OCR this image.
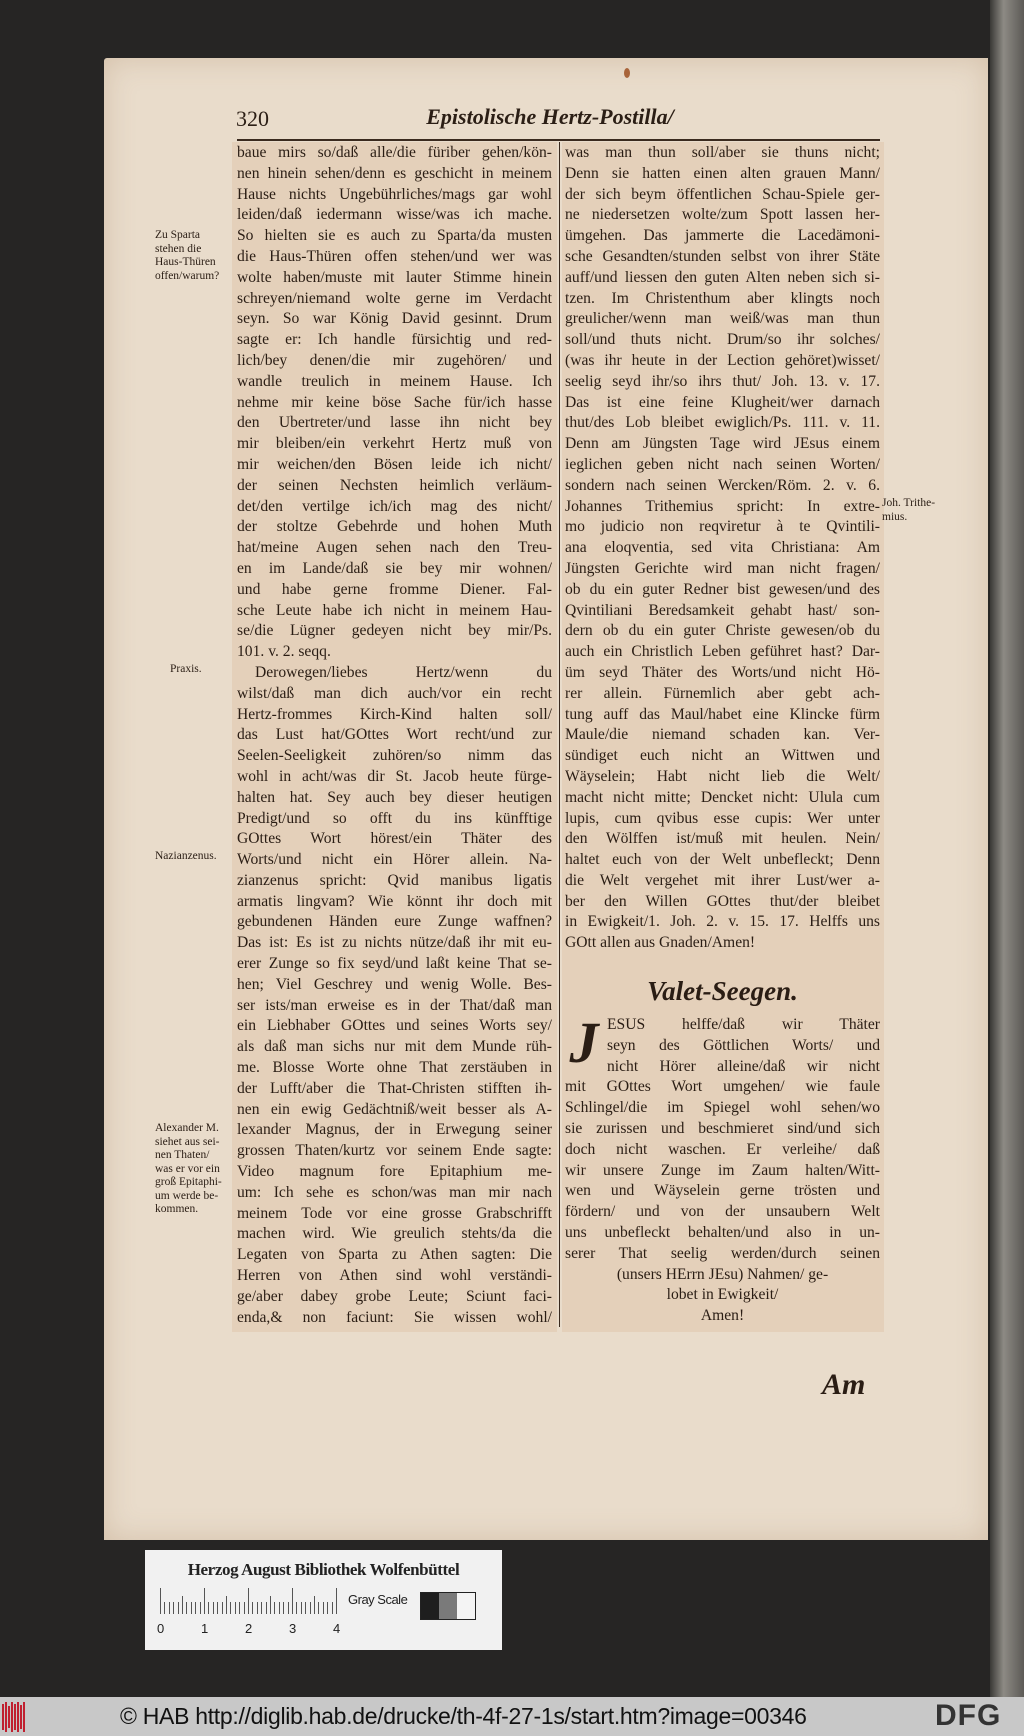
320	Epistolische Hertz-Postilla/
baue mirs so/daß alle/die füriber gehen/kön-
nen hinein sehen/denn es geschicht in meinem
Hause nichts Ungebührliches/mags gar wohl
leiden/daß iedermann wisse/was ich mache.
So hielten sie es auch zu Sparta/da musten
die Haus-Thüren offen stehen/und wer was
wolte haben/muste mit lauter Stimme hinein
schreyen/niemand wolte gerne im Verdacht
seyn. So war König David gesinnt. Drum
sagte er: Ich handle fürsichtig und red-
lich/bey denen/die mir zugehören/ und
wandle treulich in meinem Hause. Ich
nehme mir keine böse Sache für/ich hasse
den Ubertreter/und lasse ihn nicht bey
mir bleiben/ein verkehrt Hertz muß von
mir weichen/den Bösen leide ich nicht/
der seinen Nechsten heimlich verläum-
det/den vertilge ich/ich mag des nicht/
der stoltze Gebehrde und hohen Muth
hat/meine Augen sehen nach den Treu-
en im Lande/daß sie bey mir wohnen/
und habe gerne fromme Diener. Fal-
sche Leute habe ich nicht in meinem Hau-
se/die Lügner gedeyen nicht bey mir/Ps.
101. v. 2. seqq.
Derowegen/liebes Hertz/wenn du
wilst/daß man dich auch/vor ein recht
Hertz-frommes Kirch-Kind halten soll/
das Lust hat/GOttes Wort recht/und zur
Seelen-Seeligkeit zuhören/so nimm das
wohl in acht/was dir St. Jacob heute fürge-
halten hat. Sey auch bey dieser heutigen
Predigt/und so offt du ins künfftige
GOttes Wort hörest/ein Thäter des
Worts/und nicht ein Hörer allein. Na-
zianzenus spricht: Qvid manibus ligatis
armatis lingvam? Wie könnt ihr doch mit
gebundenen Händen eure Zunge waffnen?
Das ist: Es ist zu nichts nütze/daß ihr mit eu-
erer Zunge so fix seyd/und laßt keine That se-
hen; Viel Geschrey und wenig Wolle. Bes-
ser ists/man erweise es in der That/daß man
ein Liebhaber GOttes und seines Worts sey/
als daß man sichs nur mit dem Munde rüh-
me. Blosse Worte ohne That zerstäuben in
der Lufft/aber die That-Christen stifften ih-
nen ein ewig Gedächtniß/weit besser als A-
lexander Magnus, der in Erwegung seiner
grossen Thaten/kurtz vor seinem Ende sagte:
Video magnum fore Epitaphium me-
um: Ich sehe es schon/was man mir nach
meinem Tode vor eine grosse Grabschrifft
machen wird. Wie greulich stehts/da die
Legaten von Sparta zu Athen sagten: Die
Herren von Athen sind wohl verständi-
ge/aber dabey grobe Leute; Sciunt faci-
enda,& non faciunt: Sie wissen wohl/
was man thun soll/aber sie thuns nicht;
Denn sie hatten einen alten grauen Mann/
der sich beym öffentlichen Schau-Spiele ger-
ne niedersetzen wolte/zum Spott lassen her-
ümgehen. Das jammerte die Lacedämoni-
sche Gesandten/stunden selbst von ihrer Stäte
auff/und liessen den guten Alten neben sich si-
tzen. Im Christenthum aber klingts noch
greulicher/wenn man weiß/was man thun
soll/und thuts nicht. Drum/so ihr solches/
(was ihr heute in der Lection gehöret)wisset/
seelig seyd ihr/so ihrs thut/ Joh. 13. v. 17.
Das ist eine feine Klugheit/wer darnach
thut/des Lob bleibet ewiglich/Ps. 111. v. 11.
Denn am Jüngsten Tage wird JEsus einem
ieglichen geben nicht nach seinen Worten/
sondern nach seinen Wercken/Röm. 2. v. 6.
Johannes Trithemius spricht: In extre-
mo judicio non reqviretur à te Qvintili-
ana eloqventia, sed vita Christiana: Am
Jüngsten Gerichte wird man nicht fragen/
ob du ein guter Redner bist gewesen/und des
Qvintiliani Beredsamkeit gehabt hast/ son-
dern ob du ein guter Christe gewesen/ob du
auch ein Christlich Leben geführet hast? Dar-
üm seyd Thäter des Worts/und nicht Hö-
rer allein. Fürnemlich aber gebt ach-
tung auff das Maul/habet eine Klincke fürm
Maule/die niemand schaden kan. Ver-
sündiget euch nicht an Wittwen und
Wäyselein; Habt nicht lieb die Welt/
macht nicht mitte; Dencket nicht: Ulula cum
lupis, cum qvibus esse cupis: Wer unter
den Wölffen ist/muß mit heulen. Nein/
haltet euch von der Welt unbefleckt; Denn
die Welt vergehet mit ihrer Lust/wer a-
ber den Willen GOttes thut/der bleibet
in Ewigkeit/1. Joh. 2. v. 15. 17. Helffs uns
GOtt allen aus Gnaden/Amen!
Valet-Seegen.
J ESUS helffe/daß wir Thäter
seyn des Göttlichen Worts/ und
nicht Hörer alleine/daß wir nicht
mit GOttes Wort umgehen/ wie faule
Schlingel/die im Spiegel wohl sehen/wo
sie zurissen und beschmieret sind/und sich
doch nicht waschen. Er verleihe/ daß
wir unsere Zunge im Zaum halten/Witt-
wen und Wäyselein gerne trösten und
fördern/ und von der unsaubern Welt
uns unbefleckt behalten/und also in un-
serer That seelig werden/durch seinen
(unsers HErrn JEsu) Nahmen/ ge-
lobet in Ewigkeit/
Amen!
Zu Sparta
stehen die
Haus-Thüren
offen/warum?
Praxis.
Nazianzenus.
Alexander M.
siehet aus sei-
nen Thaten/
was er vor ein
groß Epitaphi-
um werde be-
kommen.
Joh. Trithe-
mius.
Am
Herzog August Bibliothek Wolfenbüttel
0	1	2	3	4
Gray Scale
© HAB http://diglib.hab.de/drucke/th-4f-27-1s/start.htm?image=00346	DFG
